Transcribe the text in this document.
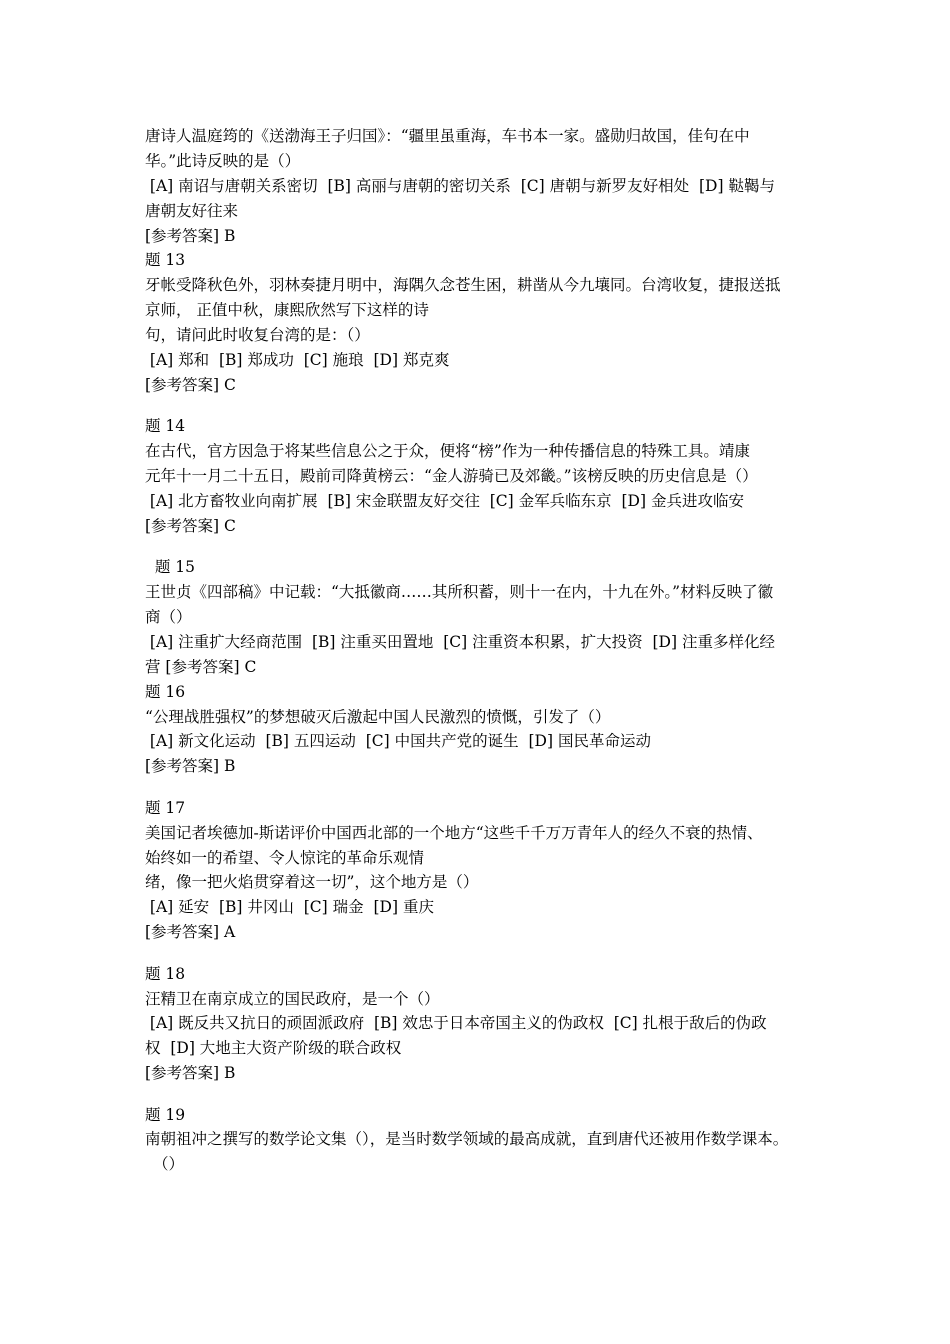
唐诗人温庭筠的《送渤海王子归国》：“疆里虽重海，车书本一家。盛勋归故国，佳句在中
华。”此诗反映的是（）
[A] 南诏与唐朝关系密切  [B] 高丽与唐朝的密切关系  [C] 唐朝与新罗友好相处  [D] 鞑鞨与
唐朝友好往来
[参考答案] B
题 13
牙帐受降秋色外，羽林奏捷月明中，海隅久念苍生困，耕凿从今九壤同。台湾收复，捷报送抵
京师， 正值中秋，康熙欣然写下这样的诗
句，请问此时收复台湾的是：（）
[A] 郑和  [B] 郑成功  [C] 施琅  [D] 郑克爽
[参考答案] C
题 14
在古代，官方因急于将某些信息公之于众，便将“榜”作为一种传播信息的特殊工具。靖康
元年十一月二十五日，殿前司降黄榜云：“金人游骑已及郊畿。”该榜反映的历史信息是（）
[A] 北方畜牧业向南扩展  [B] 宋金联盟友好交往  [C] 金军兵临东京  [D] 金兵进攻临安
[参考答案] C
题 15
王世贞《四部稿》中记载：“大抵徽商……其所积蓄，则十一在内，十九在外。”材料反映了徽
商（）
[A] 注重扩大经商范围  [B] 注重买田置地  [C] 注重资本积累，扩大投资  [D] 注重多样化经
营 [参考答案] C
题 16
“公理战胜强权”的梦想破灭后激起中国人民激烈的愤慨，引发了（）
[A] 新文化运动  [B] 五四运动  [C] 中国共产党的诞生  [D] 国民革命运动
[参考答案] B
题 17
美国记者埃德加-斯诺评价中国西北部的一个地方“这些千千万万青年人的经久不衰的热情、
始终如一的希望、令人惊诧的革命乐观情
绪，像一把火焰贯穿着这一切”，这个地方是（）
[A] 延安  [B] 井冈山  [C] 瑞金  [D] 重庆
[参考答案] A
题 18
汪精卫在南京成立的国民政府，是一个（）
[A] 既反共又抗日的顽固派政府  [B] 效忠于日本帝国主义的伪政权  [C] 扎根于敌后的伪政
权  [D] 大地主大资产阶级的联合政权
[参考答案] B
题 19
南朝祖冲之撰写的数学论文集（），是当时数学领域的最高成就，直到唐代还被用作数学课本。
（）
